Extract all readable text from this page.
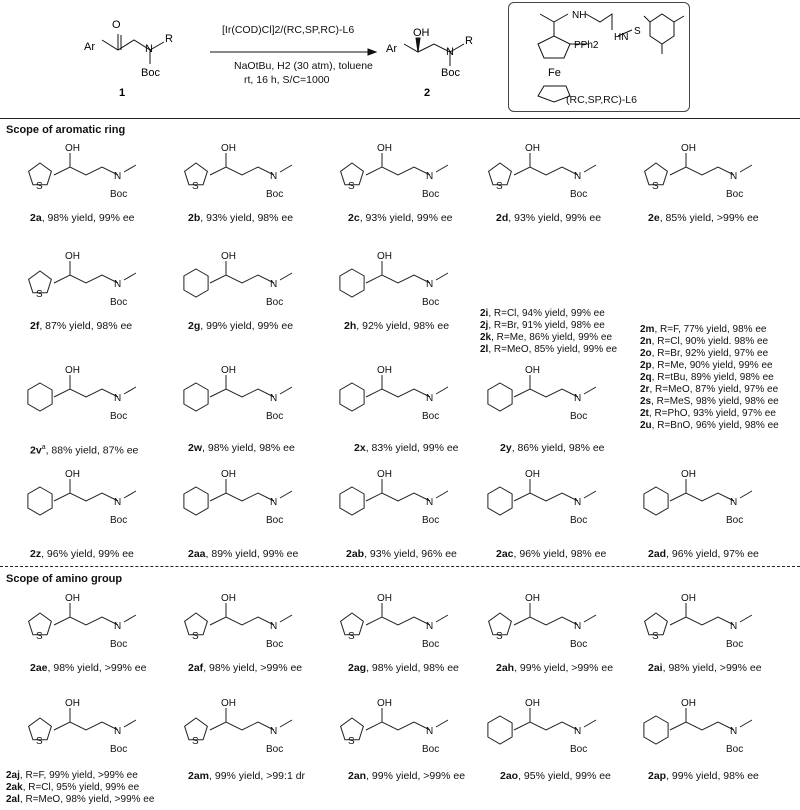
Ar
O
N
R
Boc
1
Ar
OH
N
R
Boc
2
[Ir(COD)Cl]2/(RC,SP,RC)-L6
NaOtBu, H2 (30 atm), toluene
rt, 16 h, S/C=1000
NH
HN
S
PPh2
Fe
(RC,SP,RC)-L6
Scope of aromatic ring
S
OH
N
Boc
S
OH
N
Boc
S
OH
N
Boc
S
OH
N
Boc
S
OH
N
Boc
S
OH
N
Boc
OH
N
Boc
OH
N
Boc
OH
N
Boc
OH
N
Boc
OH
N
Boc
OH
N
Boc
OH
N
Boc
OH
N
Boc
OH
N
Boc
OH
N
Boc
OH
N
Boc
2a, 98% yield, 99% ee	2b, 93% yield, 98% ee	2c, 93% yield, 99% ee	2d, 93% yield, 99% ee	2e, 85% yield, >99% ee
2f, 87% yield, 98% ee	2g, 99% yield, 99% ee	2h, 92% yield, 98% ee
2i, R=Cl, 94% yield, 99% ee
2j, R=Br, 91% yield, 98% ee
2k, R=Me, 86% yield, 99% ee
2l, R=MeO, 85% yield, 99% ee
2m, R=F, 77% yield, 98% ee
2n, R=Cl, 90% yield. 98% ee
2o, R=Br, 92% yield, 97% ee
2p, R=Me, 90% yield, 99% ee
2q, R=tBu, 89% yield, 98% ee
2r, R=MeO, 87% yield, 97% ee
2s, R=MeS, 98% yield, 98% ee
2t, R=PhO, 93% yield, 97% ee
2u, R=BnO, 96% yield, 98% ee
$2v^a$, 88% yield, 87% ee	2w, 98% yield, 98% ee	2x, 83% yield, 99% ee	2y, 86% yield, 98% ee
2z, 96% yield, 99% ee	2aa, 89% yield, 99% ee	2ab, 93% yield, 96% ee	2ac, 96% yield, 98% ee	2ad, 96% yield, 97% ee
Scope of amino group
S
OH
N
Boc
S
OH
N
Boc
S
OH
N
Boc
S
OH
N
Boc
S
OH
N
Boc
S
OH
N
Boc
S
OH
N
Boc
S
OH
N
Boc
OH
N
Boc
OH
N
Boc
2ae, 98% yield, >99% ee	2af, 98% yield, >99% ee	2ag, 98% yield, 98% ee	2ah, 99% yield, >99% ee	2ai, 98% yield, >99% ee
2aj, R=F, 99% yield, >99% ee
2ak, R=Cl, 95% yield, 99% ee
2al, R=MeO, 98% yield, >99% ee
2am, 99% yield, >99:1 dr	2an, 99% yield, >99% ee	2ao, 95% yield, 99% ee	2ap, 99% yield, 98% ee
